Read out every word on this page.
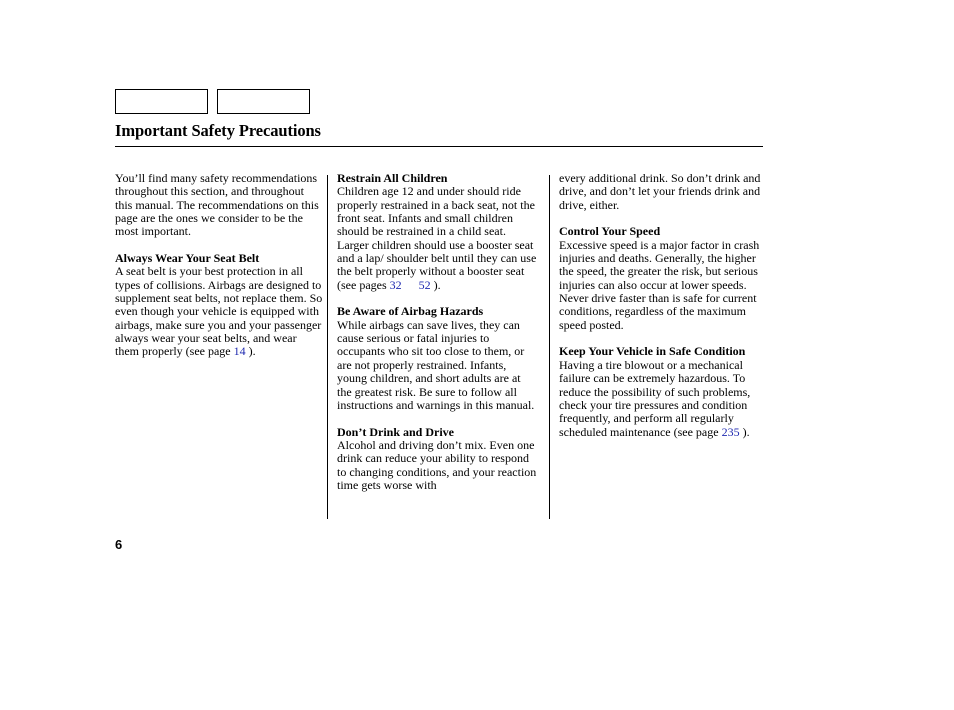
Important Safety Precautions

You’ll find many safety recommendations throughout this section, and throughout this manual. The recommendations on this page are the ones we consider to be the most important.

Always Wear Your Seat Belt
A seat belt is your best protection in all types of collisions. Airbags are designed to supplement seat belts, not replace them. So even though your vehicle is equipped with airbags, make sure you and your passenger always wear your seat belts, and wear them properly (see page 14 ).

Restrain All Children
Children age 12 and under should ride properly restrained in a back seat, not the front seat. Infants and small children should be restrained in a child seat. Larger children should use a booster seat and a lap/ shoulder belt until they can use the belt properly without a booster seat (see pages 32 52 ).

Be Aware of Airbag Hazards
While airbags can save lives, they can cause serious or fatal injuries to occupants who sit too close to them, or are not properly restrained. Infants, young children, and short adults are at the greatest risk. Be sure to follow all instructions and warnings in this manual.

Don’t Drink and Drive
Alcohol and driving don’t mix. Even one drink can reduce your ability to respond to changing conditions, and your reaction time gets worse with

every additional drink. So don’t drink and drive, and don’t let your friends drink and drive, either.

Control Your Speed
Excessive speed is a major factor in crash injuries and deaths. Generally, the higher the speed, the greater the risk, but serious injuries can also occur at lower speeds. Never drive faster than is safe for current conditions, regardless of the maximum speed posted.

Keep Your Vehicle in Safe Condition
Having a tire blowout or a mechanical failure can be extremely hazardous. To reduce the possibility of such problems, check your tire pressures and condition frequently, and perform all regularly scheduled maintenance (see page 235 ).

6
